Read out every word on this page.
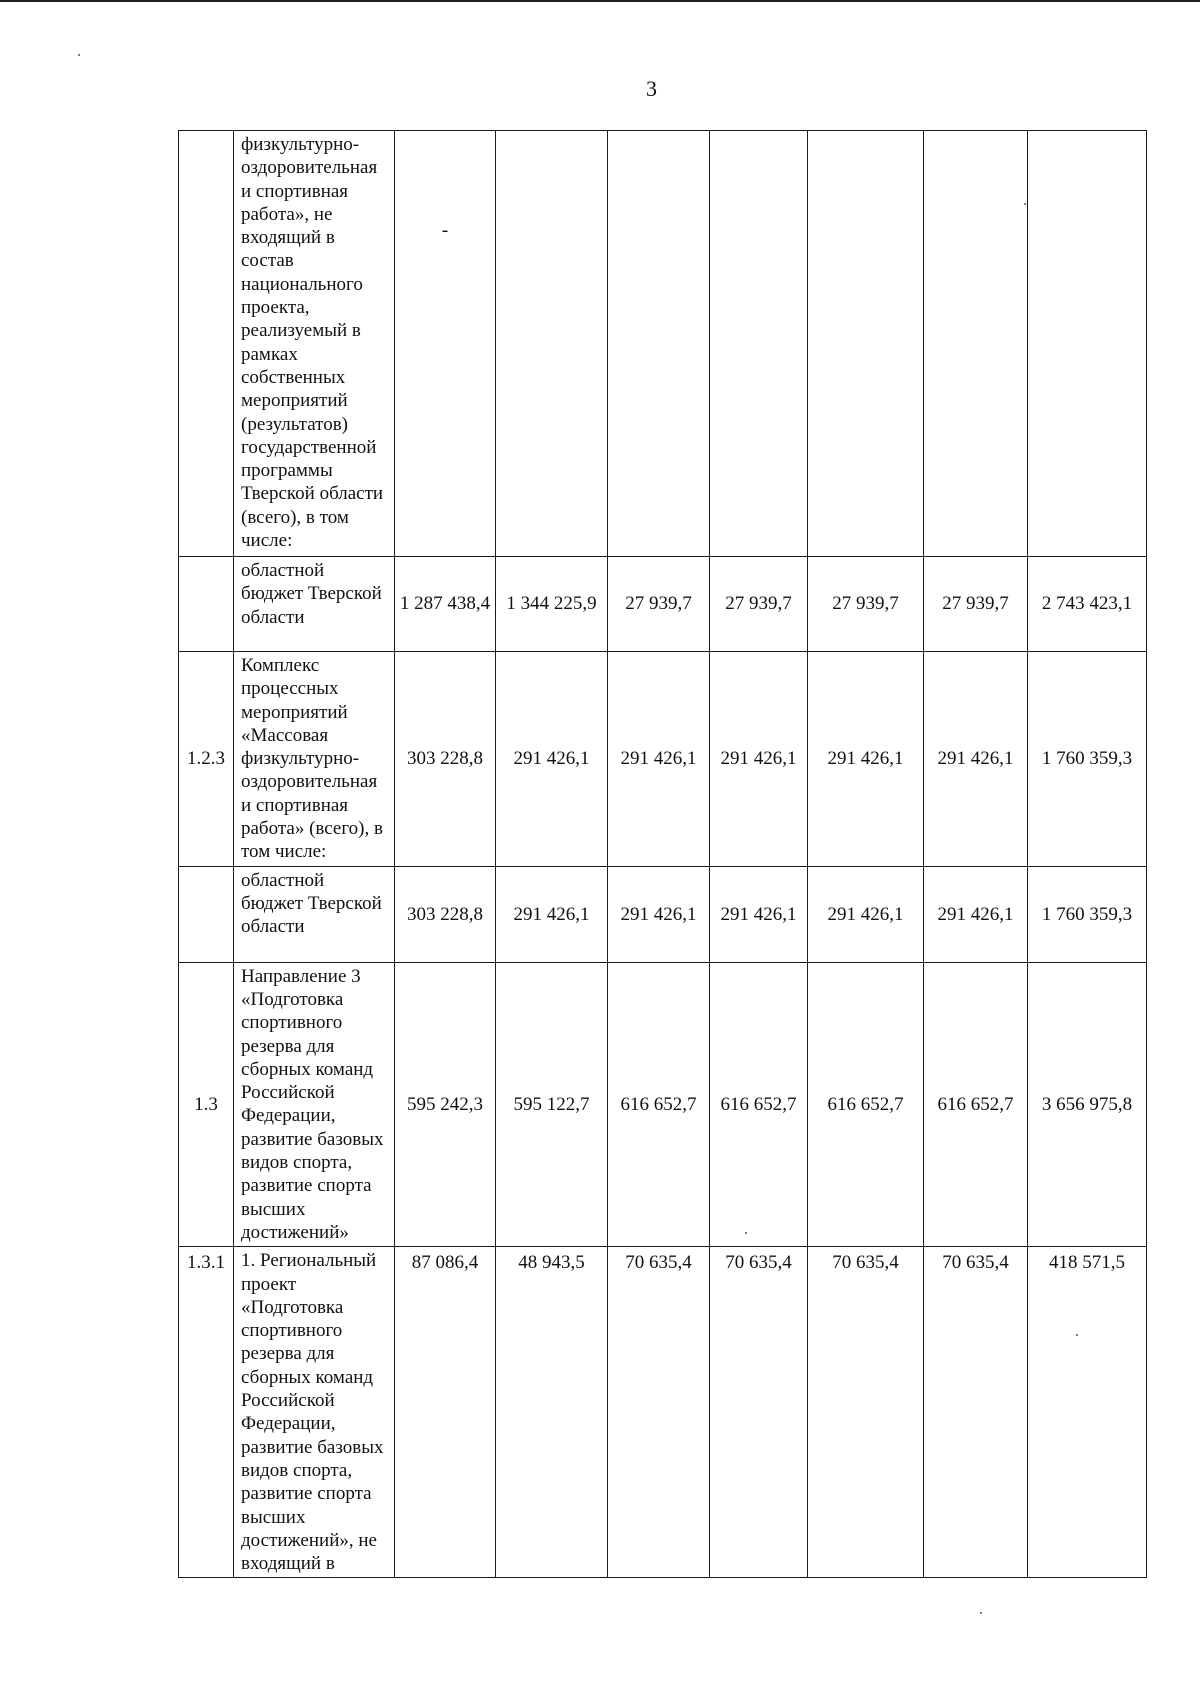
3
	физкультурно-оздоровительная и спортивная работа», не входящий в состав национального проекта, реализуемый в рамках собственных мероприятий (результатов) государственной программы Тверской области (всего), в том числе:	-						
	областной бюджет Тверской области	1 287 438,4	1 344 225,9	27 939,7	27 939,7	27 939,7	27 939,7	2 743 423,1
1.2.3	Комплекс процессных мероприятий «Массовая физкультурно-оздоровительная и спортивная работа» (всего), в том числе:	303 228,8	291 426,1	291 426,1	291 426,1	291 426,1	291 426,1	1 760 359,3
	областной бюджет Тверской области	303 228,8	291 426,1	291 426,1	291 426,1	291 426,1	291 426,1	1 760 359,3
1.3	Направление 3 «Подготовка спортивного резерва для сборных команд Российской Федерации, развитие базовых видов спорта, развитие спорта высших достижений»	595 242,3	595 122,7	616 652,7	616 652,7	616 652,7	616 652,7	3 656 975,8
1.3.1	1. Региональный проект «Подготовка спортивного резерва для сборных команд Российской Федерации, развитие базовых видов спорта, развитие спорта высших достижений», не входящий в	87 086,4	48 943,5	70 635,4	70 635,4	70 635,4	70 635,4	418 571,5
